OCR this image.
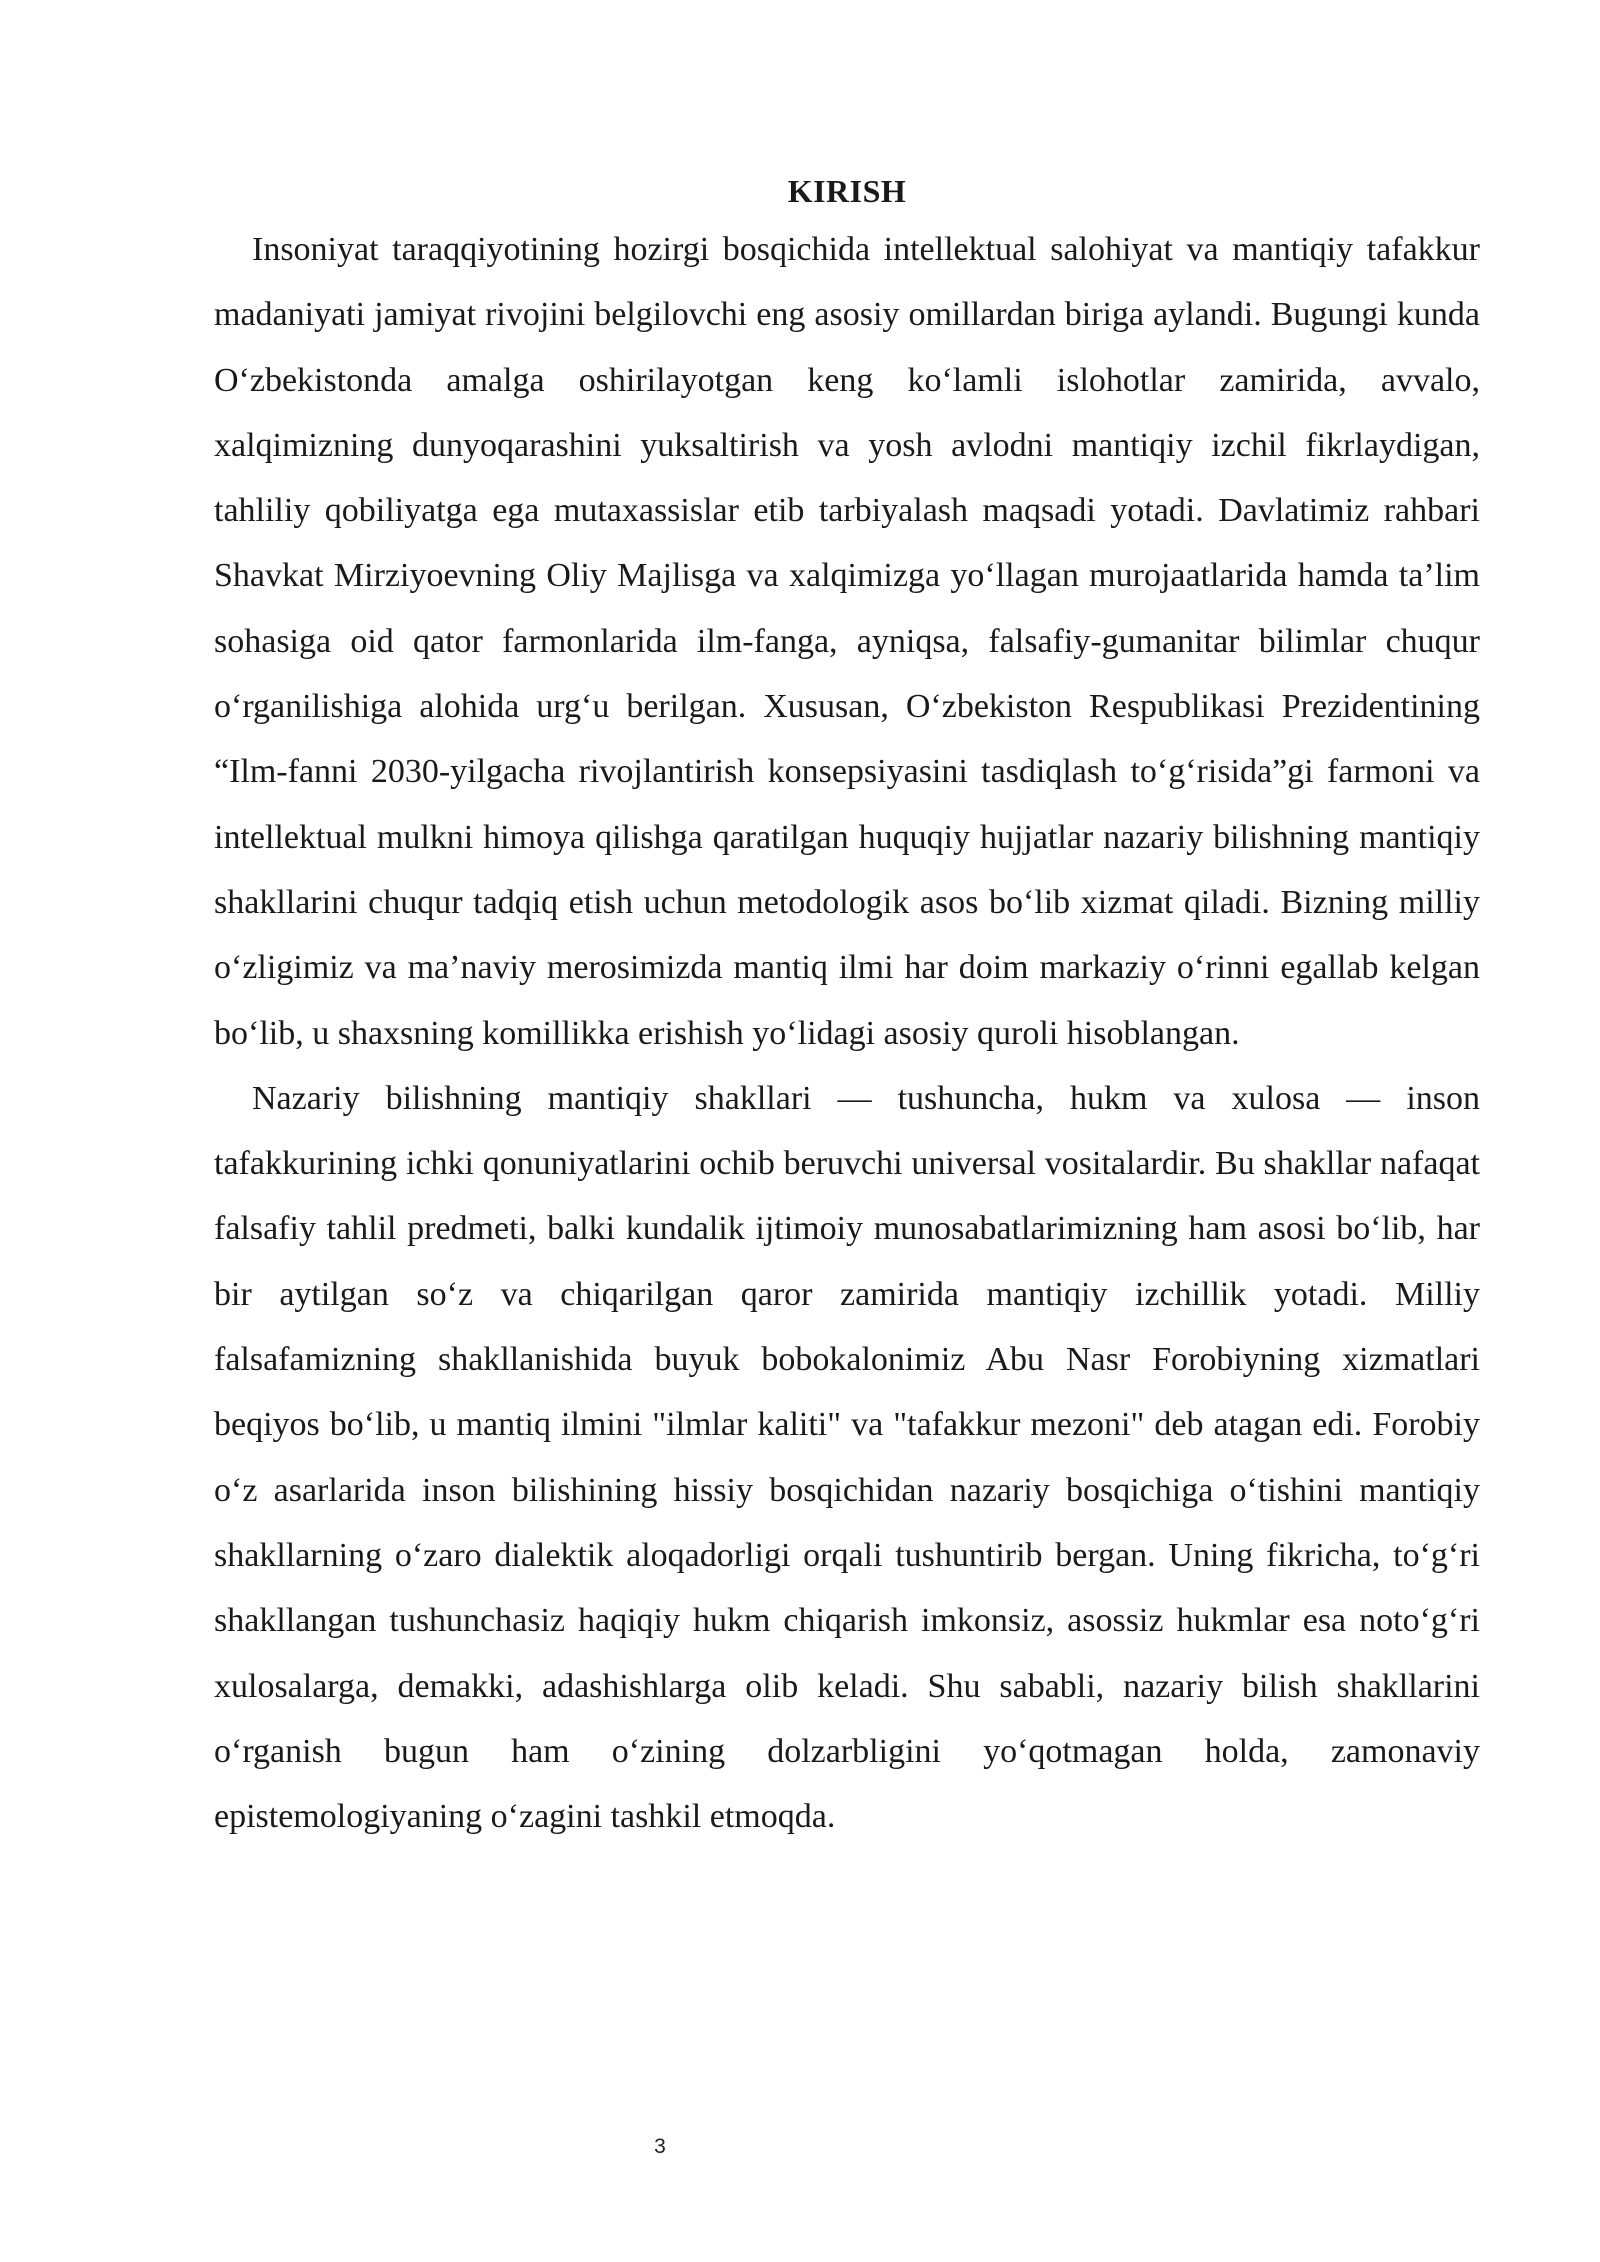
KIRISH

Insoniyat taraqqiyotining hozirgi bosqichida intellektual salohiyat va mantiqiy tafakkur madaniyati jamiyat rivojini belgilovchi eng asosiy omillardan biriga aylandi. Bugungi kunda O‘zbekistonda amalga oshirilayotgan keng ko‘lamli islohotlar zamirida, avvalo, xalqimizning dunyoqarashini yuksaltirish va yosh avlodni mantiqiy izchil fikrlaydigan, tahliliy qobiliyatga ega mutaxassislar etib tarbiyalash maqsadi yotadi. Davlatimiz rahbari Shavkat Mirziyoevning Oliy Majlisga va xalqimizga yo‘llagan murojaatlarida hamda ta’lim sohasiga oid qator farmonlarida ilm-fanga, ayniqsa, falsafiy-gumanitar bilimlar chuqur o‘rganilishiga alohida urg‘u berilgan. Xususan, O‘zbekiston Respublikasi Prezidentining “Ilm-fanni 2030-yilgacha rivojlantirish konsepsiyasini tasdiqlash to‘g‘risida”gi farmoni va intellektual mulkni himoya qilishga qaratilgan huquqiy hujjatlar nazariy bilishning mantiqiy shakllarini chuqur tadqiq etish uchun metodologik asos bo‘lib xizmat qiladi. Bizning milliy o‘zligimiz va ma’naviy merosimizda mantiq ilmi har doim markaziy o‘rinni egallab kelgan bo‘lib, u shaxsning komillikka erishish yo‘lidagi asosiy quroli hisoblangan.

Nazariy bilishning mantiqiy shakllari — tushuncha, hukm va xulosa — inson tafakkurining ichki qonuniyatlarini ochib beruvchi universal vositalardir. Bu shakllar nafaqat falsafiy tahlil predmeti, balki kundalik ijtimoiy munosabatlarimizning ham asosi bo‘lib, har bir aytilgan so‘z va chiqarilgan qaror zamirida mantiqiy izchillik yotadi. Milliy falsafamizning shakllanishida buyuk bobokalonimiz Abu Nasr Forobiyning xizmatlari beqiyos bo‘lib, u mantiq ilmini "ilmlar kaliti" va "tafakkur mezoni" deb atagan edi. Forobiy o‘z asarlarida inson bilishining hissiy bosqichidan nazariy bosqichiga o‘tishini mantiqiy shakllarning o‘zaro dialektik aloqadorligi orqali tushuntirib bergan. Uning fikricha, to‘g‘ri shakllangan tushunchasiz haqiqiy hukm chiqarish imkonsiz, asossiz hukmlar esa noto‘g‘ri xulosalarga, demakki, adashishlarga olib keladi. Shu sababli, nazariy bilish shakllarini o‘rganish bugun ham o‘zining dolzarbligini yo‘qotmagan holda, zamonaviy epistemologiyaning o‘zagini tashkil etmoqda.

3
